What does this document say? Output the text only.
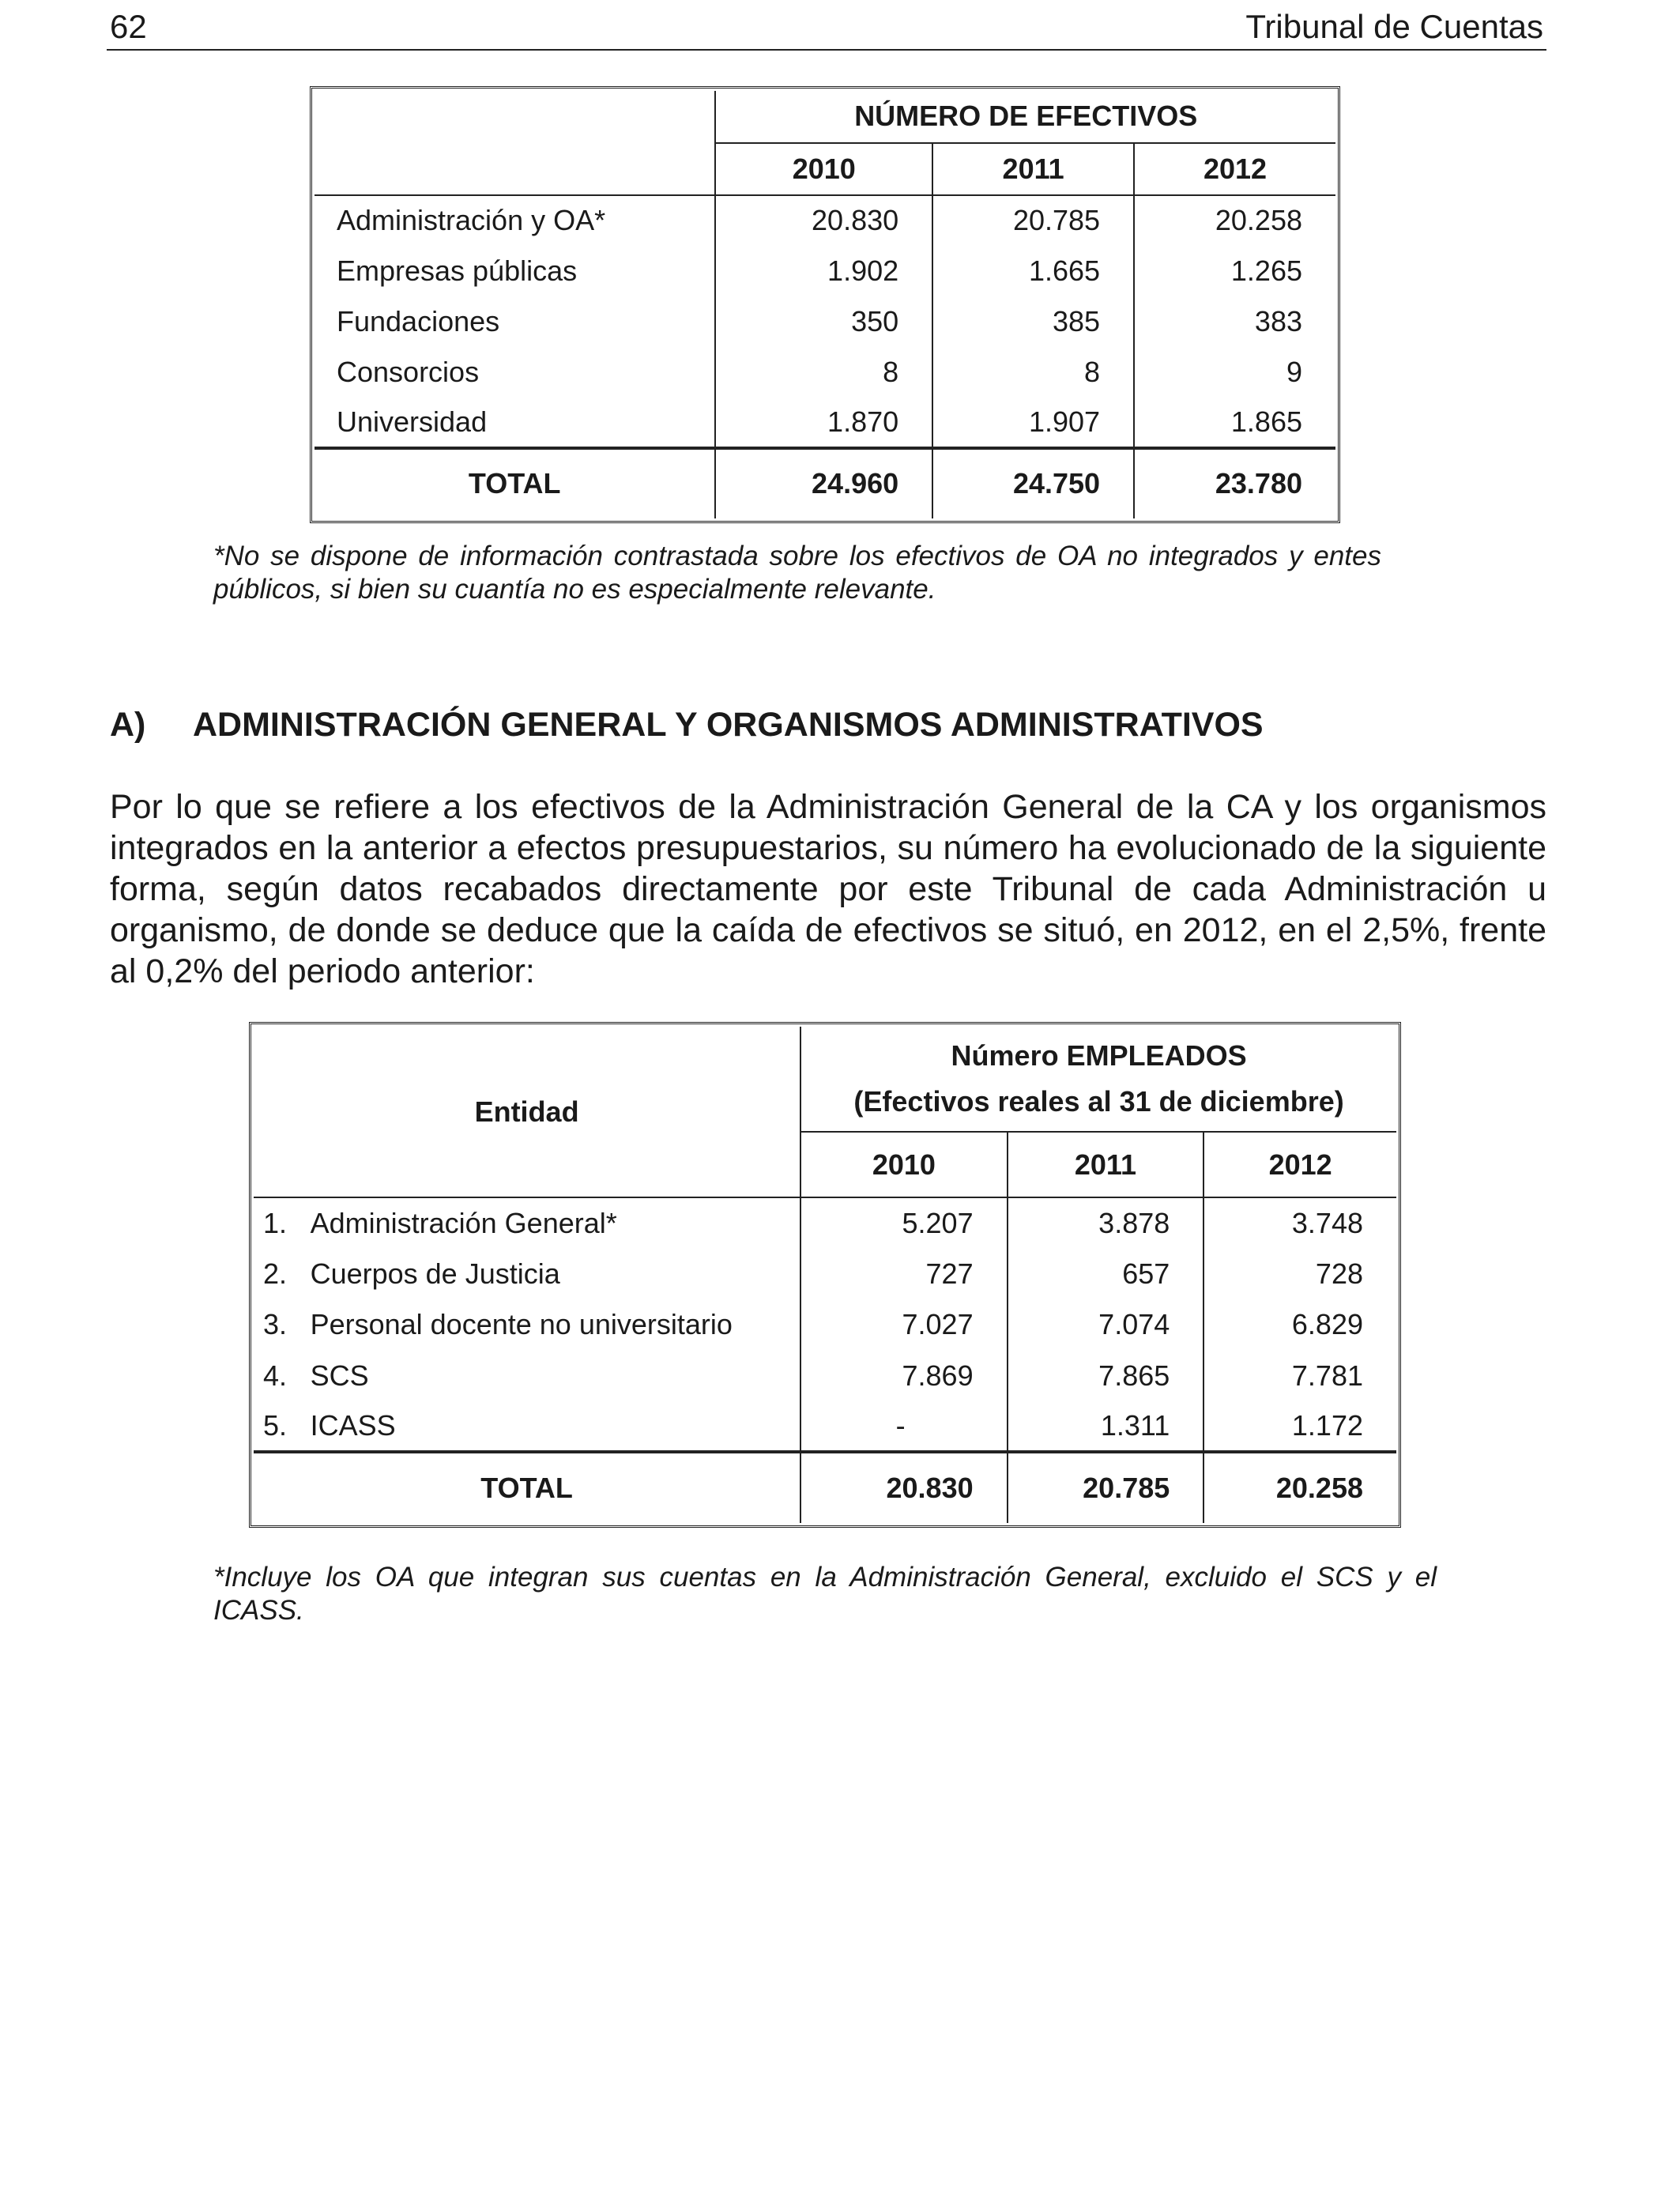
62	Tribunal de Cuentas
	NÚMERO DE EFECTIVOS		
	2010	2011	2012
Administración y OA*	20.830	20.785	20.258
Empresas públicas	1.902	1.665	1.265
Fundaciones	350	385	383
Consorcios	8	8	9
Universidad	1.870	1.907	1.865
TOTAL	24.960	24.750	23.780
*No se dispone de información contrastada sobre los efectivos de OA no integrados y entes públicos, si bien su cuantía no es especialmente relevante.
A) ADMINISTRACIÓN GENERAL Y ORGANISMOS ADMINISTRATIVOS
Por lo que se refiere a los efectivos de la Administración General de la CA y los organismos integrados en la anterior a efectos presupuestarios, su número ha evolucionado de la siguiente forma, según datos recabados directamente por este Tribunal de cada Administración u organismo, de donde se deduce que la caída de efectivos se situó, en 2012, en el 2,5%, frente al 0,2% del periodo anterior:
Entidad		Número EMPLEADOS
(Efectivos reales al 31 de diciembre)		

		2010	2011	2012
1.	Administración General*	5.207	3.878	3.748
2.	Cuerpos de Justicia	727	657	728
3.	Personal docente no universitario	7.027	7.074	6.829
4.	SCS	7.869	7.865	7.781
5.	ICASS	-	1.311	1.172
TOTAL		20.830	20.785	20.258
*Incluye los OA que integran sus cuentas en la Administración General, excluido el SCS y el ICASS.
